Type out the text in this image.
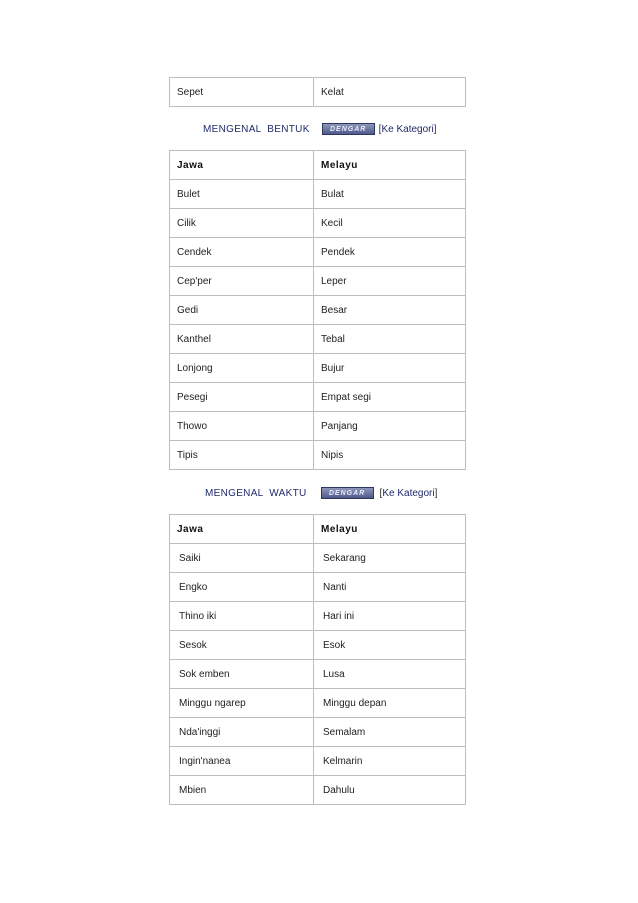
Sepet	Kelat
MENGENAL  BENTUK	DENGAR	[Ke Kategori]
Jawa	Melayu
Bulet	Bulat
Cilik	Kecil
Cendek	Pendek
Cep'per	Leper
Gedi	Besar
Kanthel	Tebal
Lonjong	Bujur
Pesegi	Empat segi
Thowo	Panjang
Tipis	Nipis
MENGENAL  WAKTU	DENGAR	[Ke Kategori]
Jawa	Melayu
Saiki	Sekarang
Engko	Nanti
Thino iki	Hari ini
Sesok	Esok
Sok emben	Lusa
Minggu ngarep	Minggu depan
Nda'inggi	Semalam
Ingin'nanea	Kelmarin
Mbien	Dahulu
